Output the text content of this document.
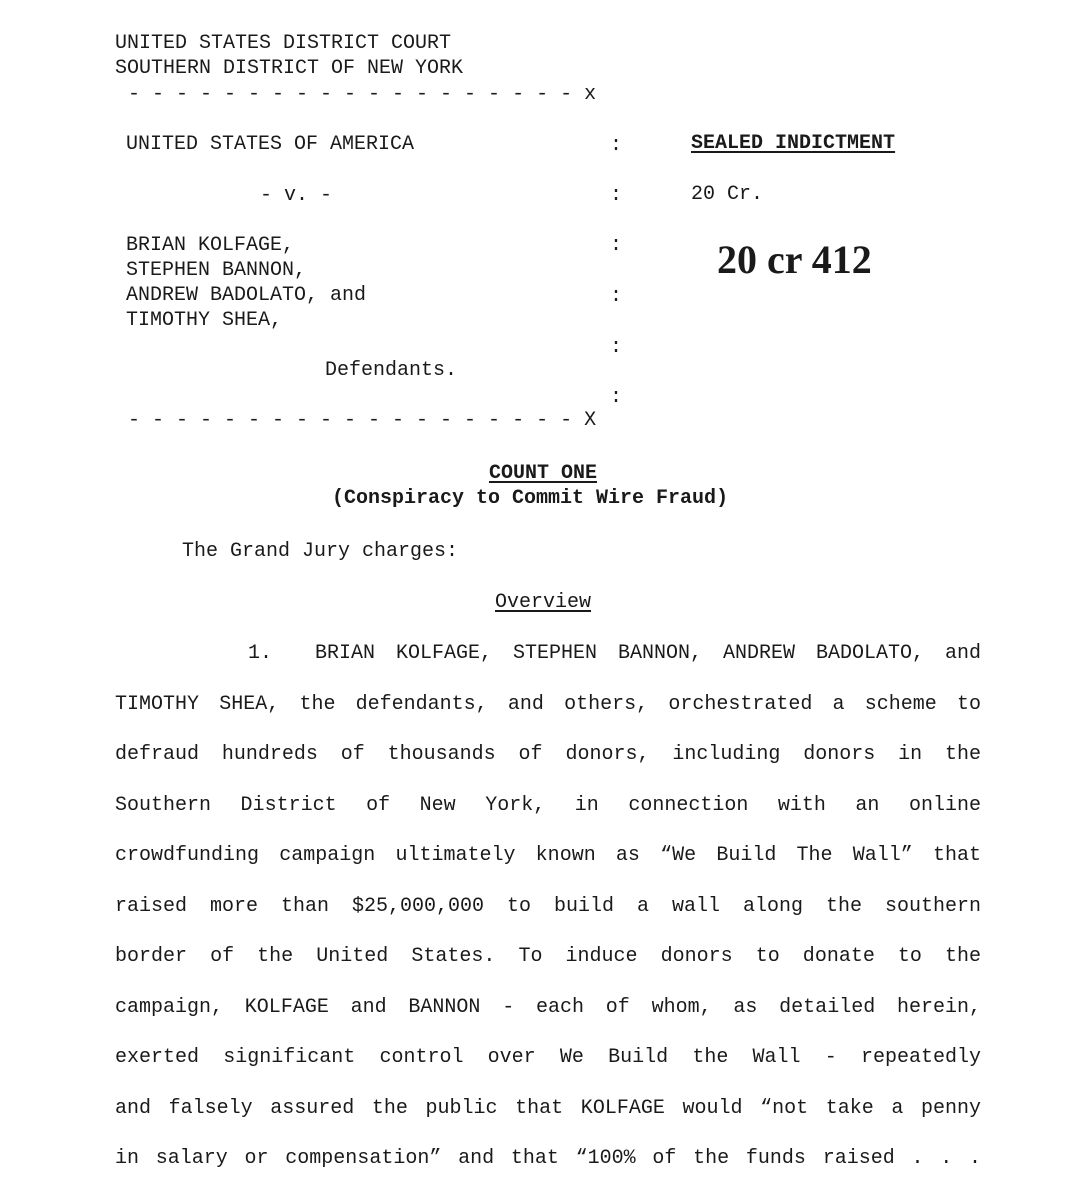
UNITED STATES DISTRICT COURT
SOUTHERN DISTRICT OF NEW YORK
- - - - - - - - - - - - - - - - - - - x
UNITED STATES OF AMERICA
- v. -
BRIAN KOLFAGE,
STEPHEN BANNON,
ANDREW BADOLATO, and
TIMOTHY SHEA,
Defendants.
:
:
:
:
:
:
- - - - - - - - - - - - - - - - - - - X
SEALED INDICTMENT
20 Cr.
20 cr 412
COUNT ONE
(Conspiracy to Commit Wire Fraud)
The Grand Jury charges:
Overview
1. BRIAN KOLFAGE, STEPHEN BANNON, ANDREW BADOLATO, and
TIMOTHY SHEA, the defendants, and others, orchestrated a scheme to
defraud hundreds of thousands of donors, including donors in the
Southern District of New York, in connection with an online
crowdfunding campaign ultimately known as “We Build The Wall” that
raised more than $25,000,000 to build a wall along the southern
border of the United States. To induce donors to donate to the
campaign, KOLFAGE and BANNON - each of whom, as detailed herein,
exerted significant control over We Build the Wall - repeatedly
and falsely assured the public that KOLFAGE would “not take a penny
in salary or compensation” and that “100% of the funds raised . . .
